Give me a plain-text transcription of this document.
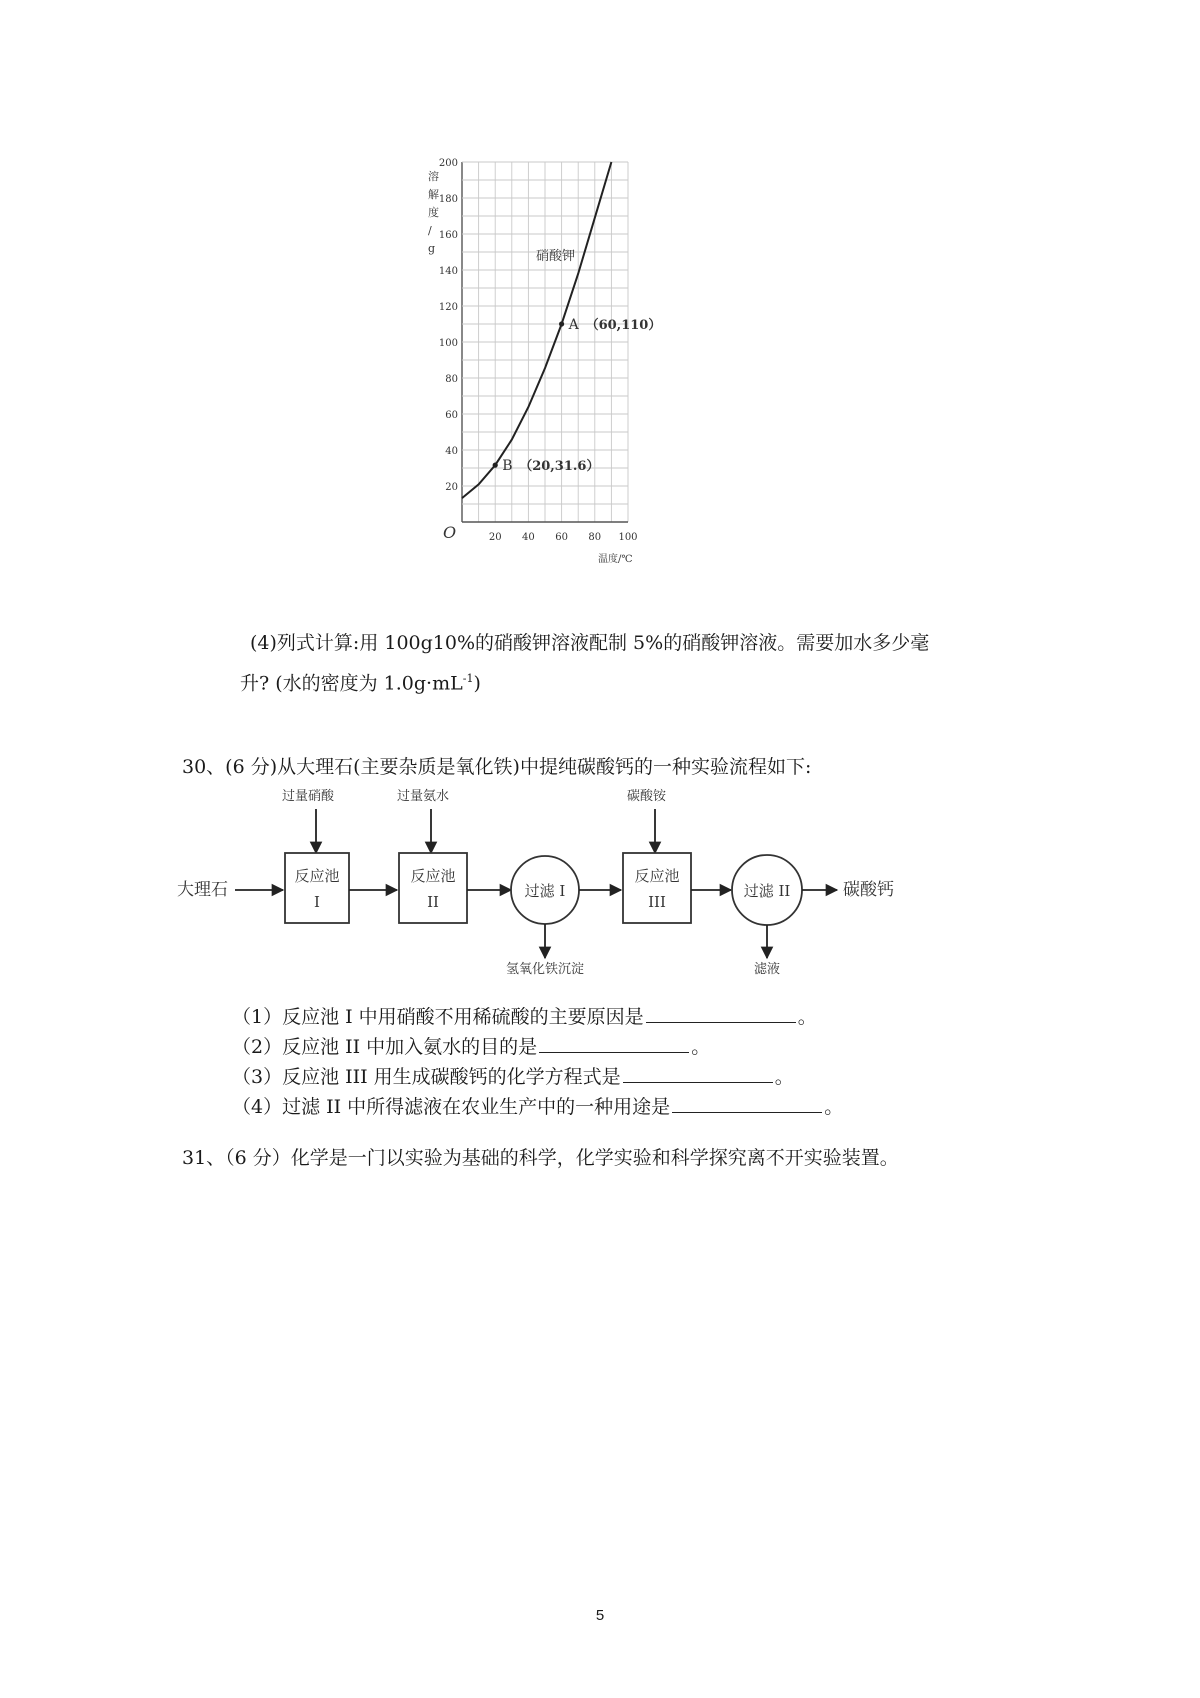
20
40
60
80
100
120
140
160
180
200
20 40 60 80 100
溶解度/ g
温度/℃
O
硝酸钾
A （60,110）
B （20,31.6）
(4)列式计算:用 100g10%的硝酸钾溶液配制 5%的硝酸钾溶液。需要加水多少毫
升? (水的密度为 $1.0g\cdot mL^{-1}$)
30、(6 分)从大理石(主要杂质是氧化铁)中提纯碳酸钙的一种实验流程如下:
大理石
过量硝酸
反应池
I
过量氨水
反应池
II
过滤 I
氢氧化铁沉淀
碳酸铵
反应池
III
过滤 II
滤液
碳酸钙
（1）反应池 I 中用硝酸不用稀硫酸的主要原因是	。
（2）反应池 II 中加入氨水的目的是	。
（3）反应池 III 用生成碳酸钙的化学方程式是	。
（4）过滤 II 中所得滤液在农业生产中的一种用途是	。
31、（6 分）化学是一门以实验为基础的科学，化学实验和科学探究离不开实验装置。
5
